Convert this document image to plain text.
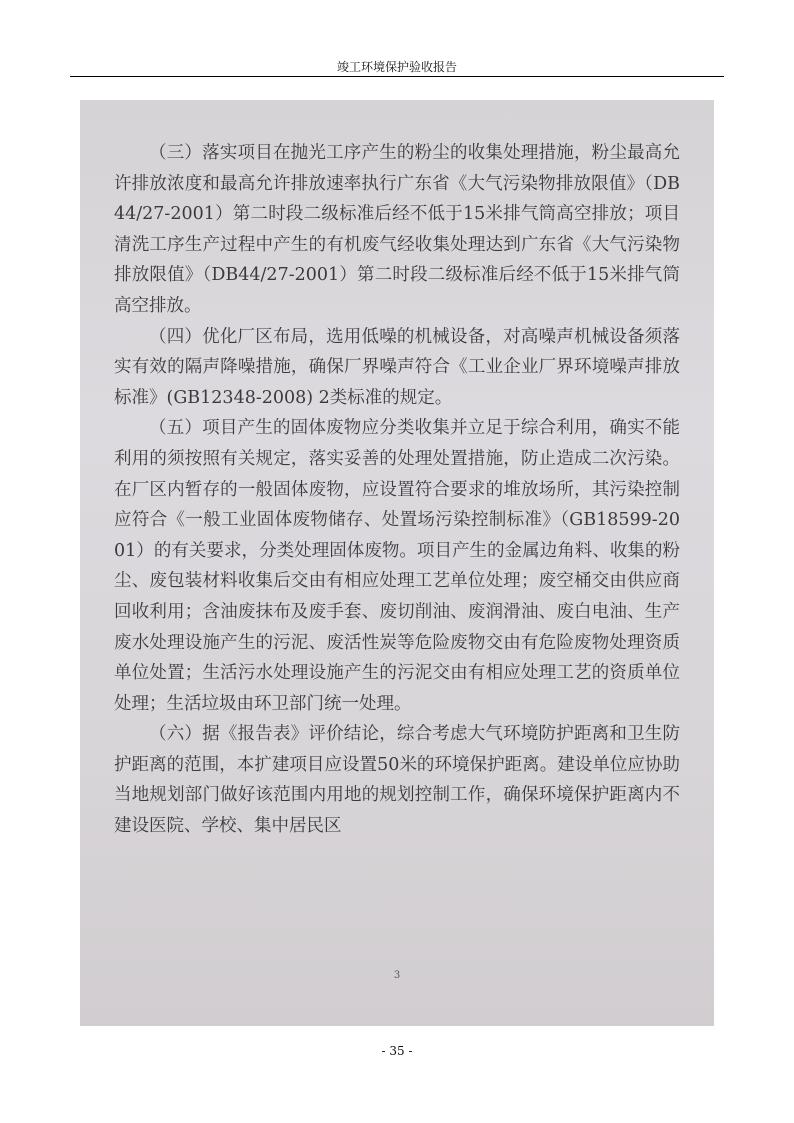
竣工环境保护验收报告

（三）落实项目在抛光工序产生的粉尘的收集处理措施，粉尘最高允许排放浓度和最高允许排放速率执行广东省《大气污染物排放限值》（DB44/27-2001）第二时段二级标准后经不低于15米排气筒高空排放；项目清洗工序生产过程中产生的有机废气经收集处理达到广东省《大气污染物排放限值》（DB44/27-2001）第二时段二级标准后经不低于15米排气筒高空排放。

（四）优化厂区布局，选用低噪的机械设备，对高噪声机械设备须落实有效的隔声降噪措施，确保厂界噪声符合《工业企业厂界环境噪声排放标准》(GB12348-2008) 2类标准的规定。

（五）项目产生的固体废物应分类收集并立足于综合利用，确实不能利用的须按照有关规定，落实妥善的处理处置措施，防止造成二次污染。在厂区内暂存的一般固体废物，应设置符合要求的堆放场所，其污染控制应符合《一般工业固体废物储存、处置场污染控制标准》（GB18599-2001）的有关要求，分类处理固体废物。项目产生的金属边角料、收集的粉尘、废包装材料收集后交由有相应处理工艺单位处理；废空桶交由供应商回收利用；含油废抹布及废手套、废切削油、废润滑油、废白电油、生产废水处理设施产生的污泥、废活性炭等危险废物交由有危险废物处理资质单位处置；生活污水处理设施产生的污泥交由有相应处理工艺的资质单位处理；生活垃圾由环卫部门统一处理。

（六）据《报告表》评价结论，综合考虑大气环境防护距离和卫生防护距离的范围，本扩建项目应设置50米的环境保护距离。建设单位应协助当地规划部门做好该范围内用地的规划控制工作，确保环境保护距离内不建设医院、学校、集中居民区

3
- 35 -
